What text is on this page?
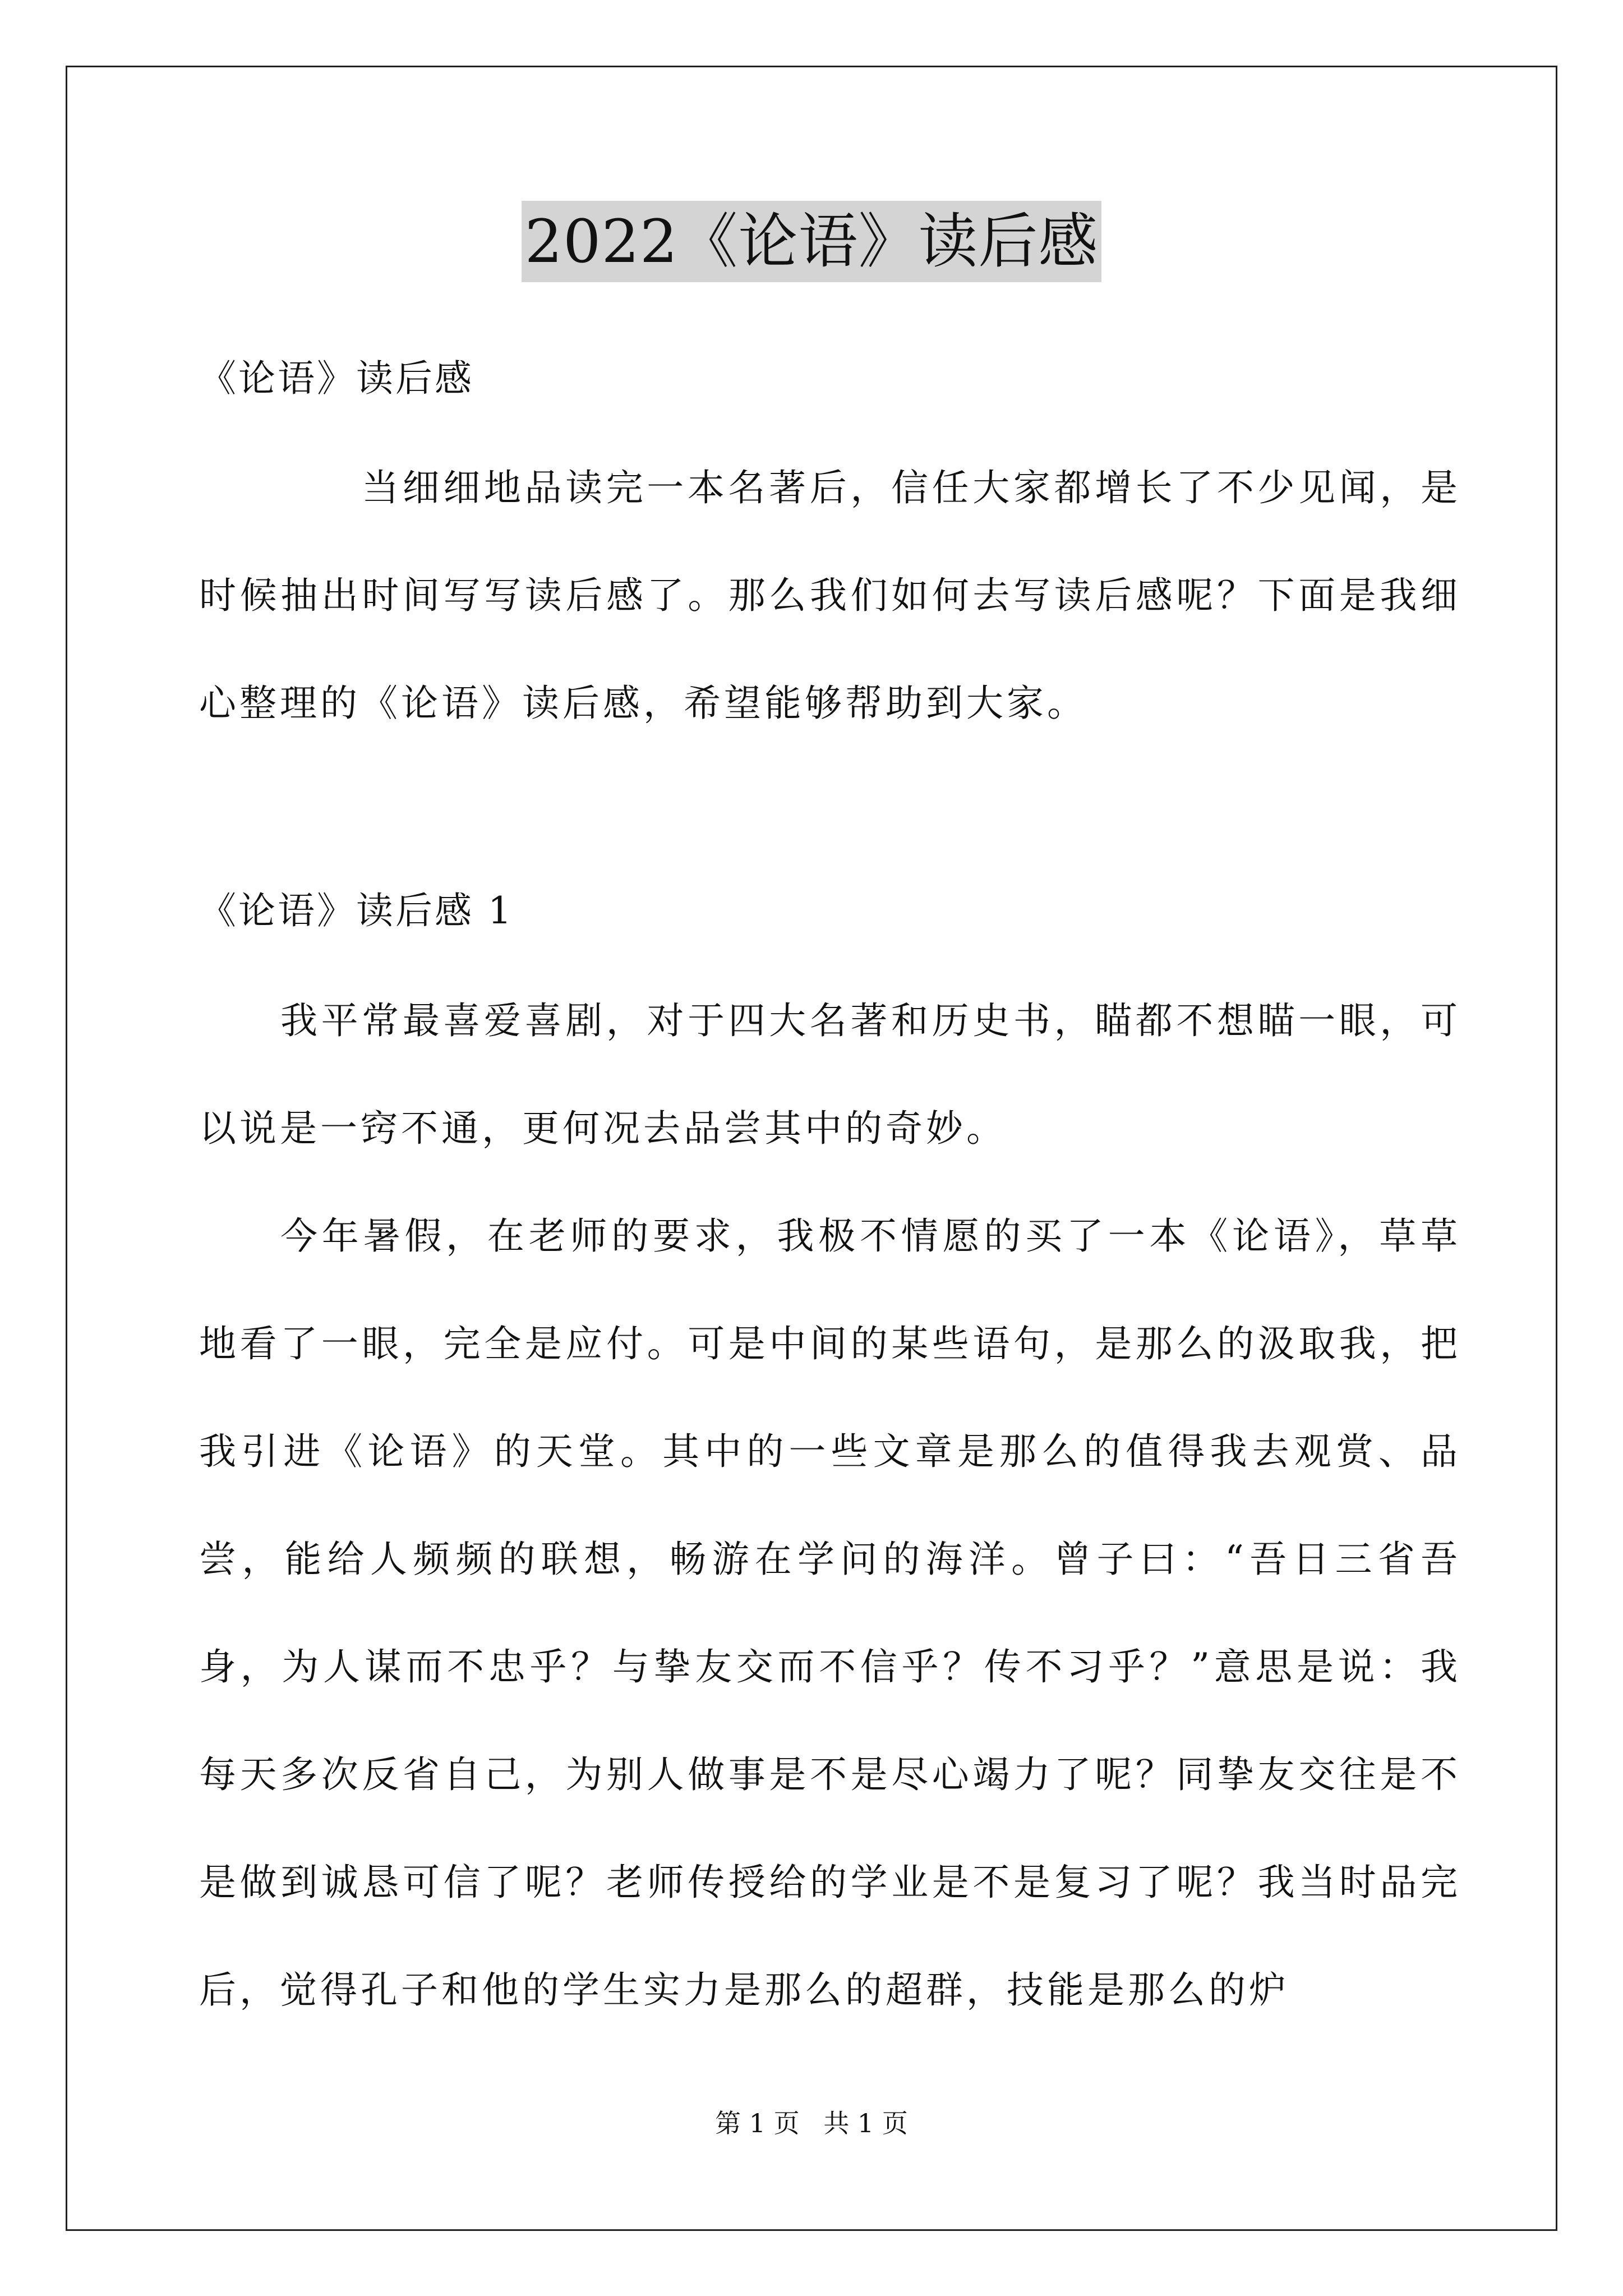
2022《论语》读后感

《论语》读后感

当细细地品读完一本名著后，信任大家都增长了不少见闻，是时候抽出时间写写读后感了。那么我们如何去写读后感呢？下面是我细心整理的《论语》读后感，希望能够帮助到大家。

《论语》读后感 1

我平常最喜爱喜剧，对于四大名著和历史书，瞄都不想瞄一眼，可以说是一窍不通，更何况去品尝其中的奇妙。

今年暑假，在老师的要求，我极不情愿的买了一本《论语》，草草地看了一眼，完全是应付。可是中间的某些语句，是那么的汲取我，把我引进《论语》的天堂。其中的一些文章是那么的值得我去观赏、品尝，能给人频频的联想，畅游在学问的海洋。曾子曰：“吾日三省吾身，为人谋而不忠乎？与挚友交而不信乎？传不习乎？”意思是说：我每天多次反省自己，为别人做事是不是尽心竭力了呢？同挚友交往是不是做到诚恳可信了呢？老师传授给的学业是不是复习了呢？我当时品完后，觉得孔子和他的学生实力是那么的超群，技能是那么的炉

第 1 页 共 1 页
